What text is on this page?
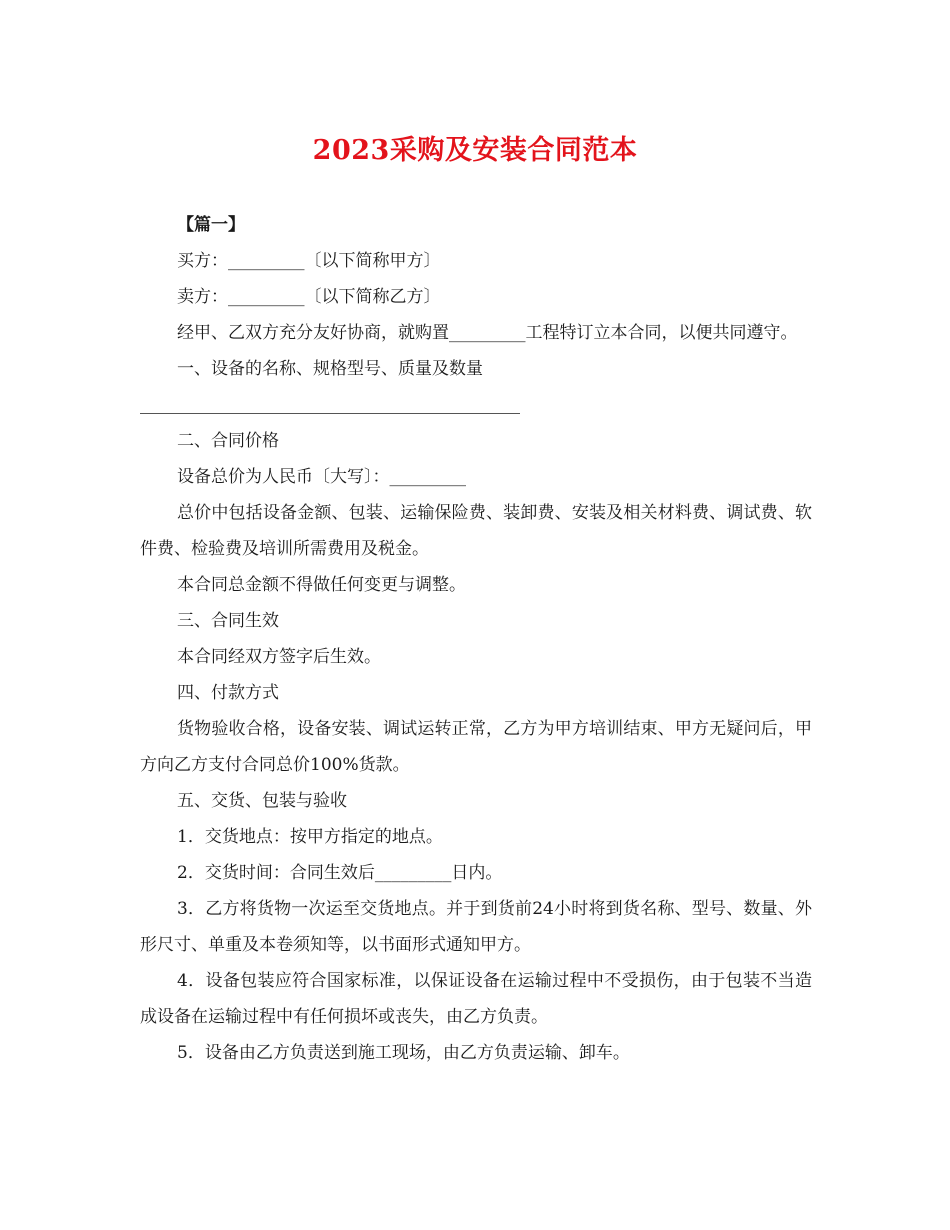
2023采购及安装合同范本

【篇一】

买方：_________〔以下简称甲方〕

卖方：_________〔以下简称乙方〕

经甲、乙双方充分友好协商，就购置_________工程特订立本合同，以便共同遵守。

一、设备的名称、规格型号、质量及数量

二、合同价格

设备总价为人民币〔大写〕：_________

总价中包括设备金额、包装、运输保险费、装卸费、安装及相关材料费、调试费、软件费、检验费及培训所需费用及税金。

本合同总金额不得做任何变更与调整。

三、合同生效

本合同经双方签字后生效。

四、付款方式

货物验收合格，设备安装、调试运转正常，乙方为甲方培训结束、甲方无疑问后，甲方向乙方支付合同总价100%货款。

五、交货、包装与验收

1．交货地点：按甲方指定的地点。

2．交货时间：合同生效后_________日内。

3．乙方将货物一次运至交货地点。并于到货前24小时将到货名称、型号、数量、外形尺寸、单重及本卷须知等，以书面形式通知甲方。

4．设备包装应符合国家标准，以保证设备在运输过程中不受损伤，由于包装不当造成设备在运输过程中有任何损坏或丧失，由乙方负责。

5．设备由乙方负责送到施工现场，由乙方负责运输、卸车。
